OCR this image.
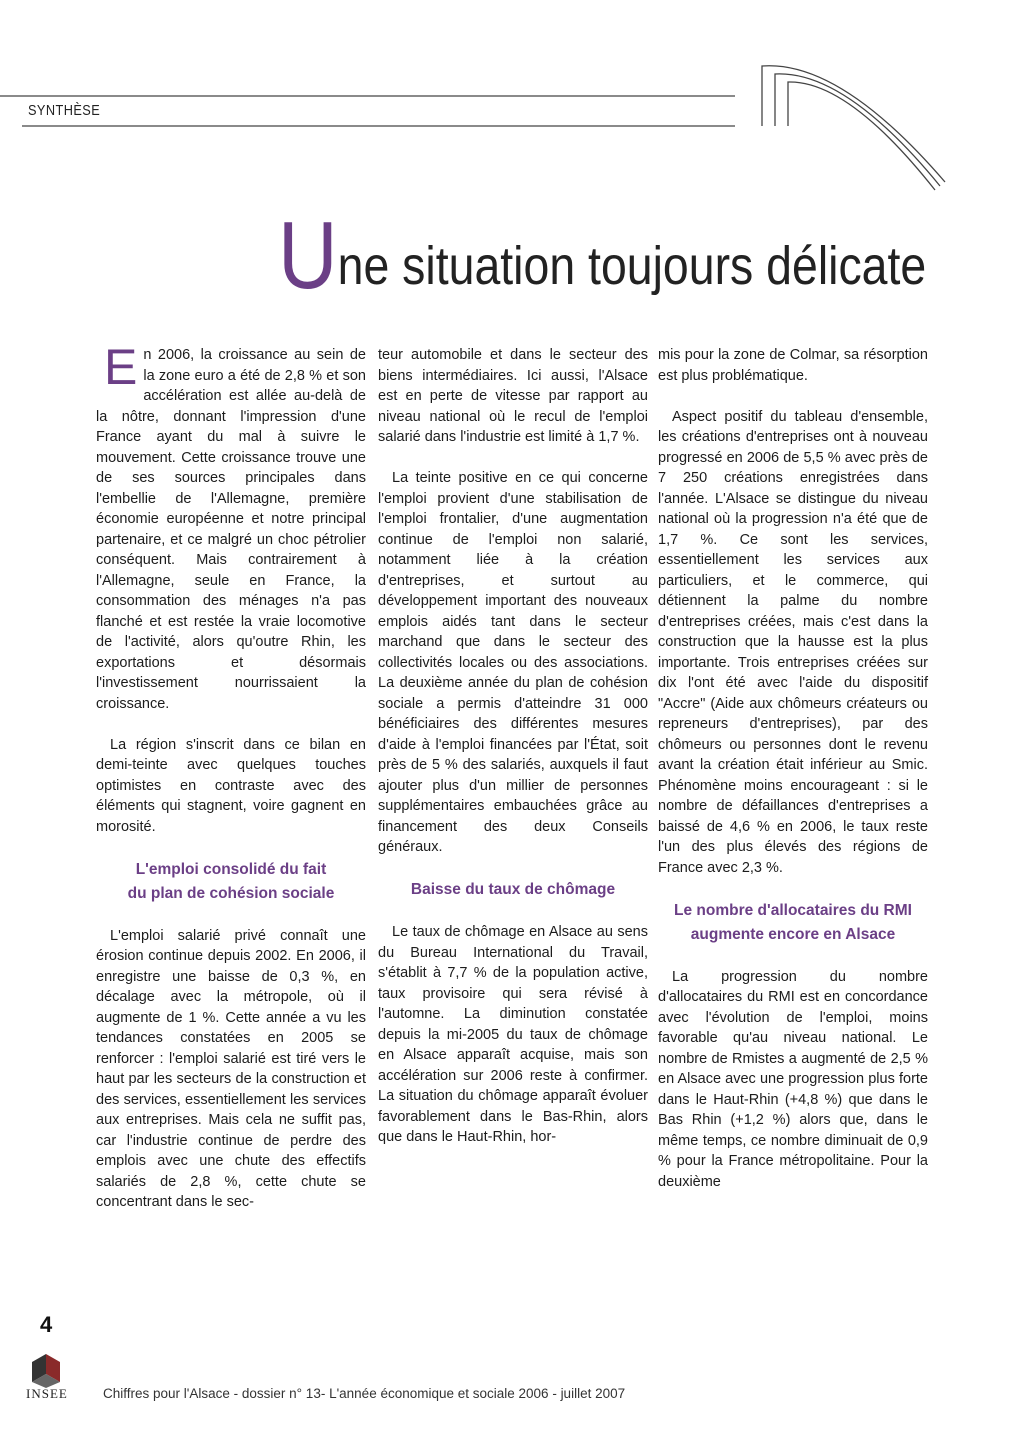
SYNTHÈSE
Une situation toujours délicate

En 2006, la croissance au sein de la zone euro a été de 2,8 % et son accélération est allée au-delà de la nôtre, donnant l'impression d'une France ayant du mal à suivre le mouvement. Cette croissance trouve une de ses sources principales dans l'embellie de l'Allemagne, première économie européenne et notre principal partenaire, et ce malgré un choc pétrolier conséquent. Mais contrairement à l'Allemagne, seule en France, la consommation des ménages n'a pas flanché et est restée la vraie locomotive de l'activité, alors qu'outre Rhin, les exportations et désormais l'investissement nourrissaient la croissance.

La région s'inscrit dans ce bilan en demi-teinte avec quelques touches optimistes en contraste avec des éléments qui stagnent, voire gagnent en morosité.

L'emploi consolidé du fait du plan de cohésion sociale

L'emploi salarié privé connaît une érosion continue depuis 2002. En 2006, il enregistre une baisse de 0,3 %, en décalage avec la métropole, où il augmente de 1 %. Cette année a vu les tendances constatées en 2005 se renforcer : l'emploi salarié est tiré vers le haut par les secteurs de la construction et des services, essentiellement les services aux entreprises. Mais cela ne suffit pas, car l'industrie continue de perdre des emplois avec une chute des effectifs salariés de 2,8 %, cette chute se concentrant dans le sec-

teur automobile et dans le secteur des biens intermédiaires. Ici aussi, l'Alsace est en perte de vitesse par rapport au niveau national où le recul de l'emploi salarié dans l'industrie est limité à 1,7 %.

La teinte positive en ce qui concerne l'emploi provient d'une stabilisation de l'emploi frontalier, d'une augmentation continue de l'emploi non salarié, notamment liée à la création d'entreprises, et surtout au développement important des nouveaux emplois aidés tant dans le secteur marchand que dans le secteur des collectivités locales ou des associations. La deuxième année du plan de cohésion sociale a permis d'atteindre 31 000 bénéficiaires des différentes mesures d'aide à l'emploi financées par l'État, soit près de 5 % des salariés, auxquels il faut ajouter plus d'un millier de personnes supplémentaires embauchées grâce au financement des deux Conseils généraux.

Baisse du taux de chômage

Le taux de chômage en Alsace au sens du Bureau International du Travail, s'établit à 7,7 % de la population active, taux provisoire qui sera révisé à l'automne. La diminution constatée depuis la mi-2005 du taux de chômage en Alsace apparaît acquise, mais son accélération sur 2006 reste à confirmer. La situation du chômage apparaît évoluer favorablement dans le Bas-Rhin, alors que dans le Haut-Rhin, hor-

mis pour la zone de Colmar, sa résorption est plus problématique.

Aspect positif du tableau d'ensemble, les créations d'entreprises ont à nouveau progressé en 2006 de 5,5 % avec près de 7 250 créations enregistrées dans l'année. L'Alsace se distingue du niveau national où la progression n'a été que de 1,7 %. Ce sont les services, essentiellement les services aux particuliers, et le commerce, qui détiennent la palme du nombre d'entreprises créées, mais c'est dans la construction que la hausse est la plus importante. Trois entreprises créées sur dix l'ont été avec l'aide du dispositif "Accre" (Aide aux chômeurs créateurs ou repreneurs d'entreprises), par des chômeurs ou personnes dont le revenu avant la création était inférieur au Smic. Phénomène moins encourageant : si le nombre de défaillances d'entreprises a baissé de 4,6 % en 2006, le taux reste l'un des plus élevés des régions de France avec 2,3 %.

Le nombre d'allocataires du RMI augmente encore en Alsace

La progression du nombre d'allocataires du RMI est en concordance avec l'évolution de l'emploi, moins favorable qu'au niveau national. Le nombre de Rmistes a augmenté de 2,5 % en Alsace avec une progression plus forte dans le Haut-Rhin (+4,8 %) que dans le Bas Rhin (+1,2 %) alors que, dans le même temps, ce nombre diminuait de 0,9 % pour la France métropolitaine. Pour la deuxième

4
INSEE	Chiffres pour l'Alsace - dossier n° 13- L'année économique et sociale 2006 - juillet 2007
